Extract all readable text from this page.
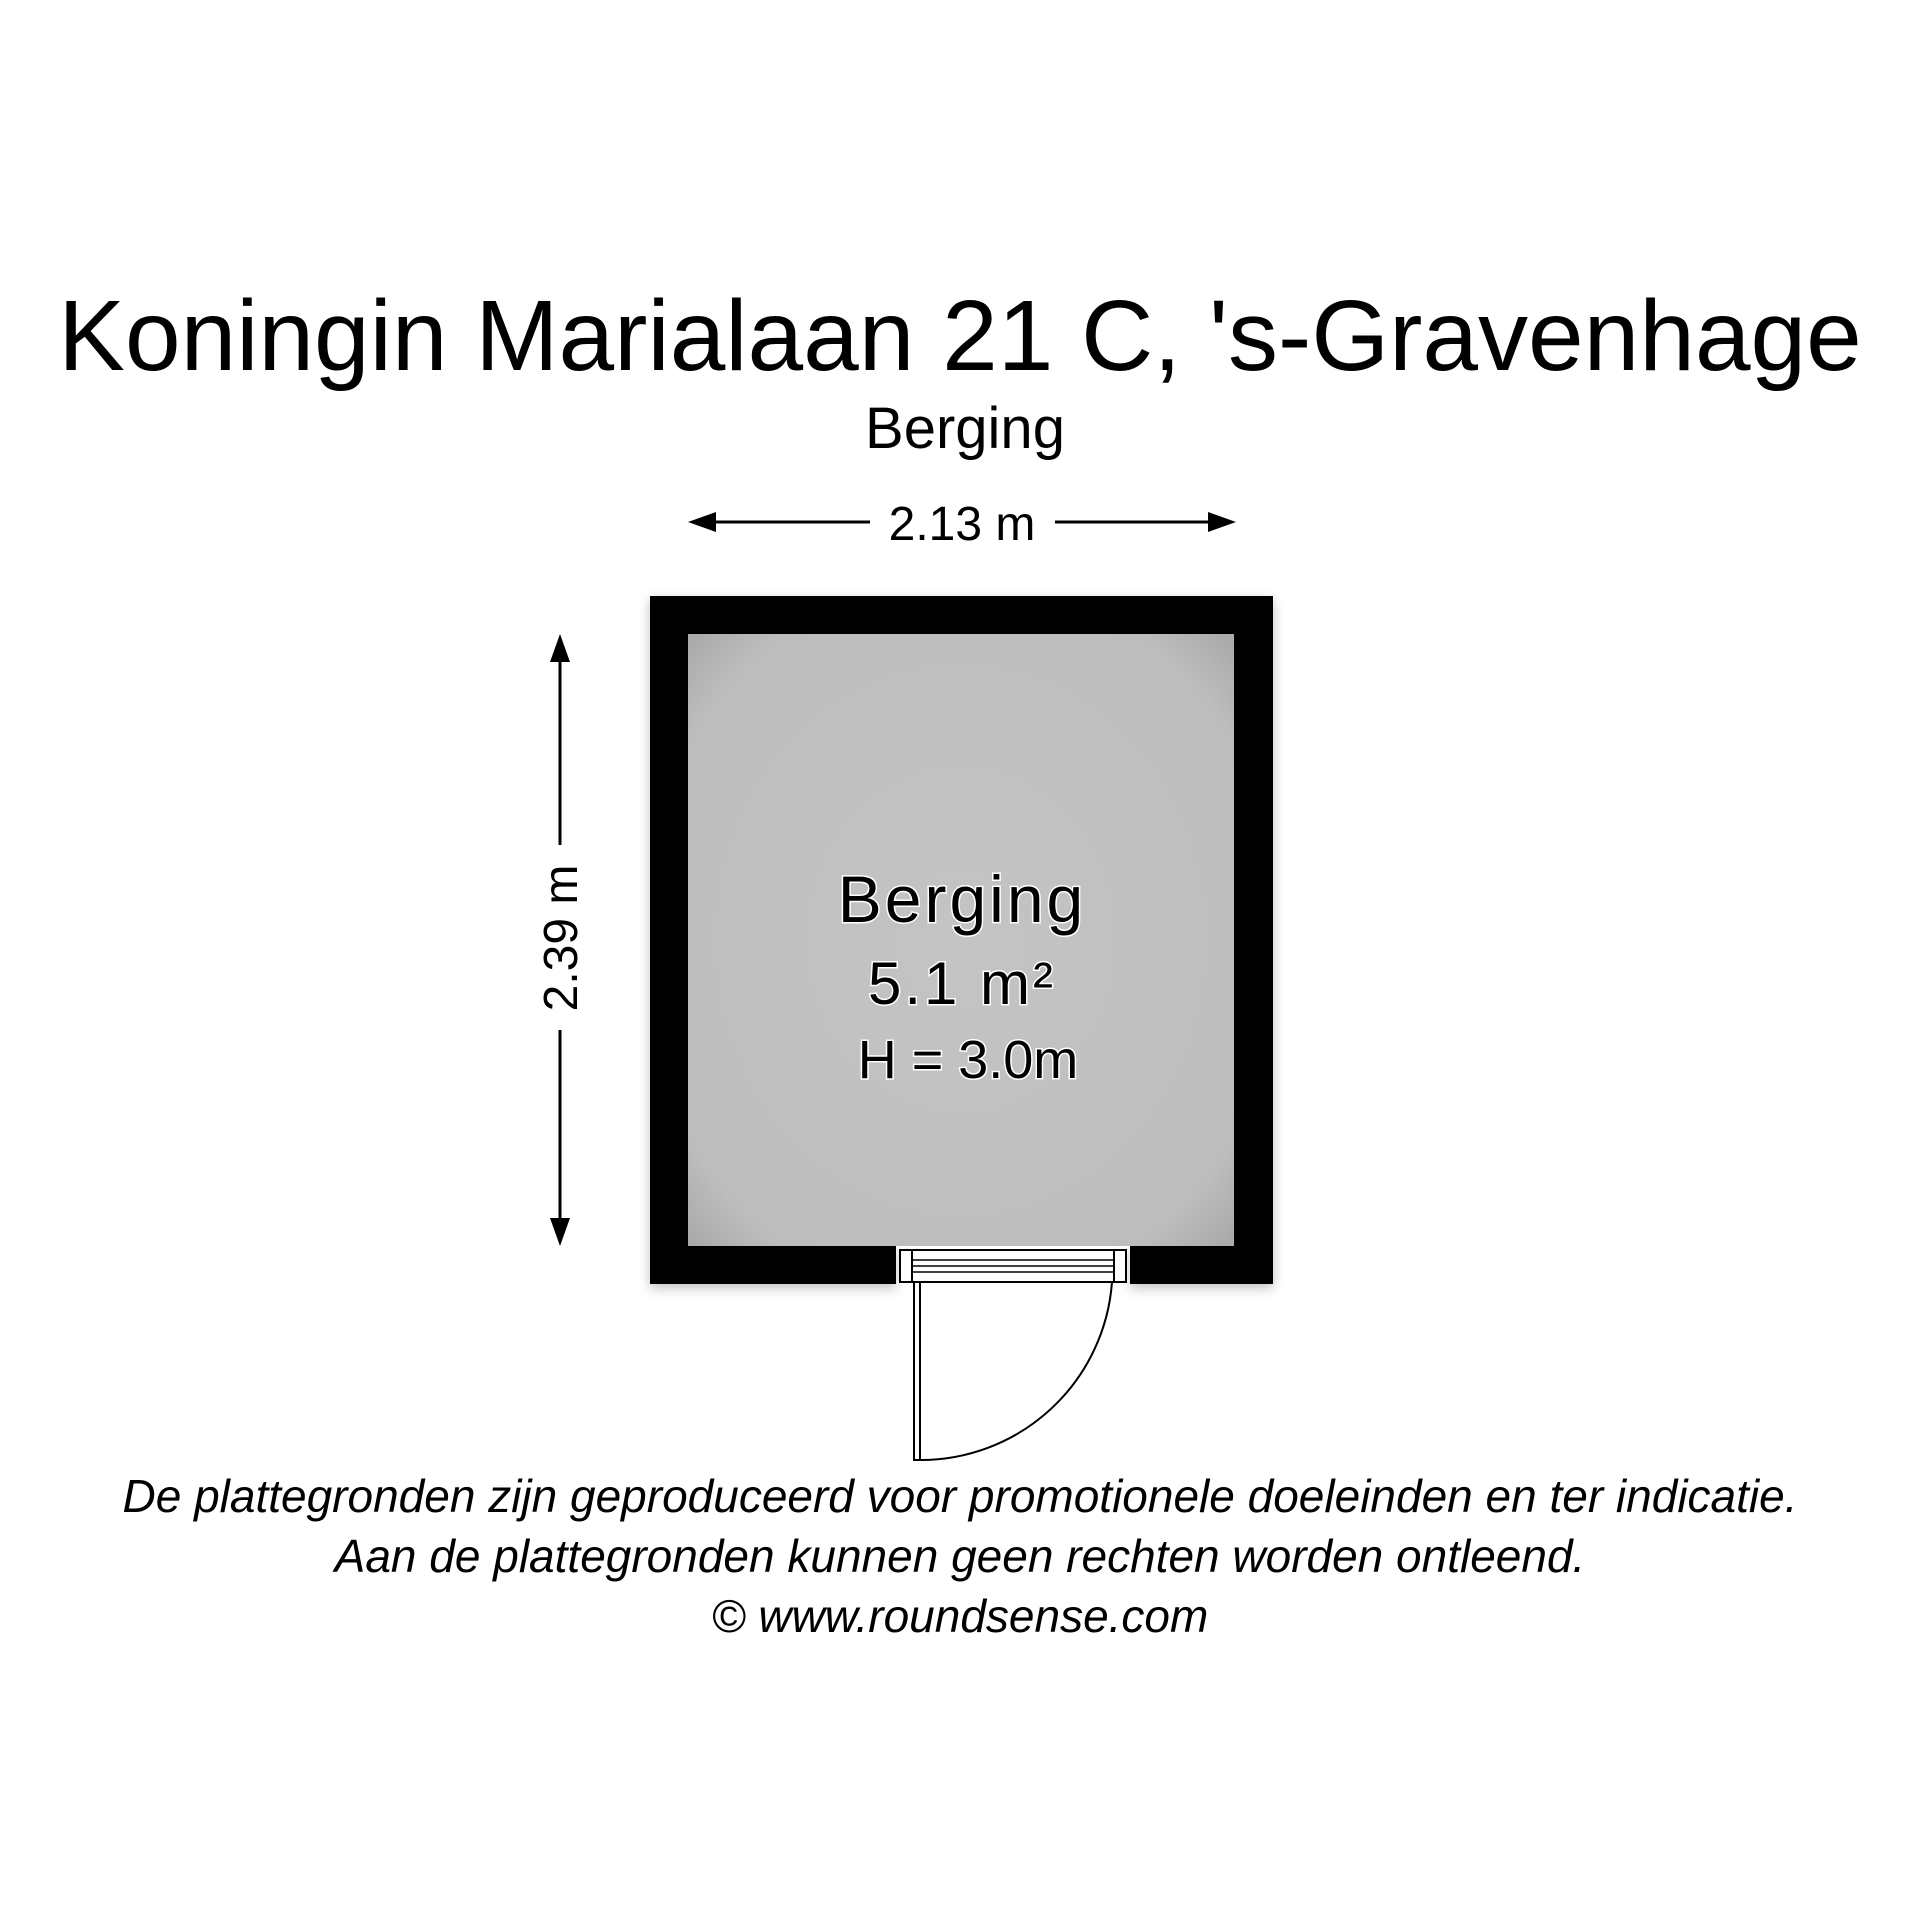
Koningin Marialaan 21 C, 's-Gravenhage
Berging
2.13 m
2.39 m	Berging
5.1 m²
H = 3.0m
De plattegronden zijn geproduceerd voor promotionele doeleinden en ter indicatie.
Aan de plattegronden kunnen geen rechten worden ontleend.
© www.roundsense.com
